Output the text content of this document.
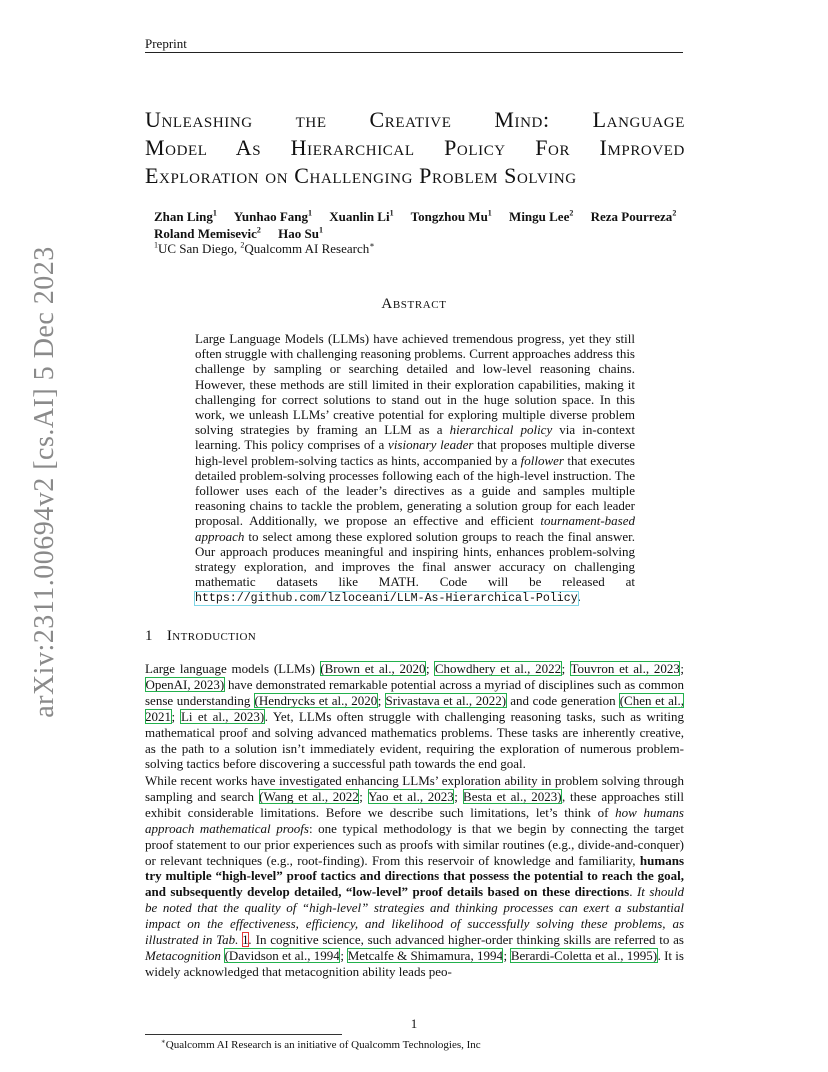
Preprint
arXiv:2311.00694v2 [cs.AI] 5 Dec 2023
Unleashing the Creative Mind: Language
Model As Hierarchical Policy For Improved
Exploration on Challenging Problem Solving
Zhan Ling$^1$ Yunhao Fang$^1$ Xuanlin Li$^1$ Tongzhou Mu$^1$ Mingu Lee$^2$ Reza Pourreza$^2$
Roland Memisevic$^2$ Hao Su$^1$
$^1$UC San Diego, $^2$Qualcomm AI Research∗
Abstract
Large Language Models (LLMs) have achieved tremendous progress, yet they still often struggle with challenging reasoning problems. Current approaches address this challenge by sampling or searching detailed and low-level reasoning chains. However, these methods are still limited in their exploration capabilities, making it challenging for correct solutions to stand out in the huge solution space. In this work, we unleash LLMs’ creative potential for exploring multiple diverse problem solving strategies by framing an LLM as a hierarchical policy via in-context learning. This policy comprises of a visionary leader that proposes multiple diverse high-level problem-solving tactics as hints, accompanied by a follower that executes detailed problem-solving processes following each of the high-level instruction. The follower uses each of the leader’s directives as a guide and samples multiple reasoning chains to tackle the problem, generating a solution group for each leader proposal. Additionally, we propose an effective and efficient tournament-based approach to select among these explored solution groups to reach the final answer. Our approach produces meaningful and inspiring hints, enhances problem-solving strategy exploration, and improves the final answer accuracy on challenging mathematic datasets like MATH. Code will be released at https://github.com/lzloceani/LLM-As-Hierarchical-Policy.
1 Introduction
Large language models (LLMs) (Brown et al., 2020; Chowdhery et al., 2022; Touvron et al., 2023; OpenAI, 2023) have demonstrated remarkable potential across a myriad of disciplines such as common sense understanding (Hendrycks et al., 2020; Srivastava et al., 2022) and code generation (Chen et al., 2021; Li et al., 2023). Yet, LLMs often struggle with challenging reasoning tasks, such as writing mathematical proof and solving advanced mathematics problems. These tasks are inherently creative, as the path to a solution isn’t immediately evident, requiring the exploration of numerous problem-solving tactics before discovering a successful path towards the end goal.
While recent works have investigated enhancing LLMs’ exploration ability in problem solving through sampling and search (Wang et al., 2022; Yao et al., 2023; Besta et al., 2023), these approaches still exhibit considerable limitations. Before we describe such limitations, let’s think of how humans approach mathematical proofs: one typical methodology is that we begin by connecting the target proof statement to our prior experiences such as proofs with similar routines (e.g., divide-and-conquer) or relevant techniques (e.g., root-finding). From this reservoir of knowledge and familiarity, humans try multiple “high-level” proof tactics and directions that possess the potential to reach the goal, and subsequently develop detailed, “low-level” proof details based on these directions. It should be noted that the quality of “high-level” strategies and thinking processes can exert a substantial impact on the effectiveness, efficiency, and likelihood of successfully solving these problems, as illustrated in Tab. 1. In cognitive science, such advanced higher-order thinking skills are referred to as Metacognition (Davidson et al., 1994; Metcalfe & Shimamura, 1994; Berardi-Coletta et al., 1995). It is widely acknowledged that metacognition ability leads peo-
∗Qualcomm AI Research is an initiative of Qualcomm Technologies, Inc
1
